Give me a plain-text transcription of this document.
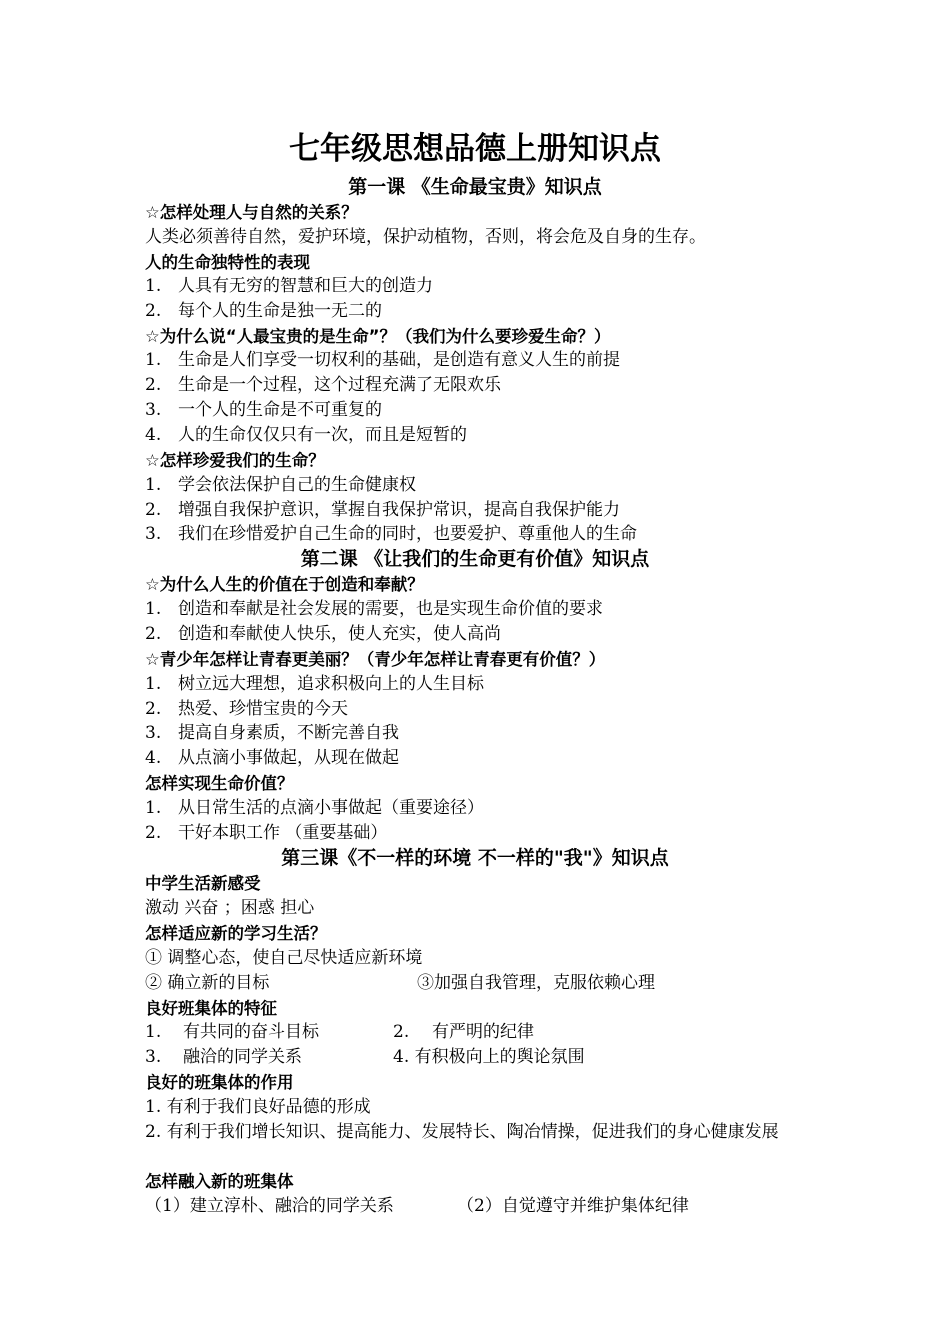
七年级思想品德上册知识点
第一课 《生命最宝贵》知识点
☆怎样处理人与自然的关系？
人类必须善待自然，爱护环境，保护动植物，否则，将会危及自身的生存。
人的生命独特性的表现
1. 人具有无穷的智慧和巨大的创造力
2. 每个人的生命是独一无二的
☆为什么说“人最宝贵的是生命”？（我们为什么要珍爱生命？）
1. 生命是人们享受一切权利的基础，是创造有意义人生的前提
2. 生命是一个过程，这个过程充满了无限欢乐
3. 一个人的生命是不可重复的
4. 人的生命仅仅只有一次，而且是短暂的
☆怎样珍爱我们的生命？
1. 学会依法保护自己的生命健康权
2. 增强自我保护意识，掌握自我保护常识，提高自我保护能力
3. 我们在珍惜爱护自己生命的同时，也要爱护、尊重他人的生命
第二课 《让我们的生命更有价值》知识点
☆为什么人生的价值在于创造和奉献？
1. 创造和奉献是社会发展的需要，也是实现生命价值的要求
2. 创造和奉献使人快乐，使人充实，使人高尚
☆青少年怎样让青春更美丽？（青少年怎样让青春更有价值？）
1. 树立远大理想，追求积极向上的人生目标
2. 热爱、珍惜宝贵的今天
3. 提高自身素质，不断完善自我
4. 从点滴小事做起，从现在做起
怎样实现生命价值？
1. 从日常生活的点滴小事做起（重要途径）
2. 干好本职工作 （重要基础）
第三课《不一样的环境 不一样的"我"》知识点
中学生活新感受
激动 兴奋 ；困惑 担心
怎样适应新的学习生活？
① 调整心态，使自己尽快适应新环境
② 确立新的目标	③加强自我管理，克服依赖心理
良好班集体的特征
1. 有共同的奋斗目标	2. 有严明的纪律
3. 融洽的同学关系	4. 有积极向上的舆论氛围
良好的班集体的作用
1. 有利于我们良好品德的形成
2. 有利于我们增长知识、提高能力、发展特长、陶冶情操，促进我们的身心健康发展
怎样融入新的班集体
（1）建立淳朴、融洽的同学关系	（2）自觉遵守并维护集体纪律
